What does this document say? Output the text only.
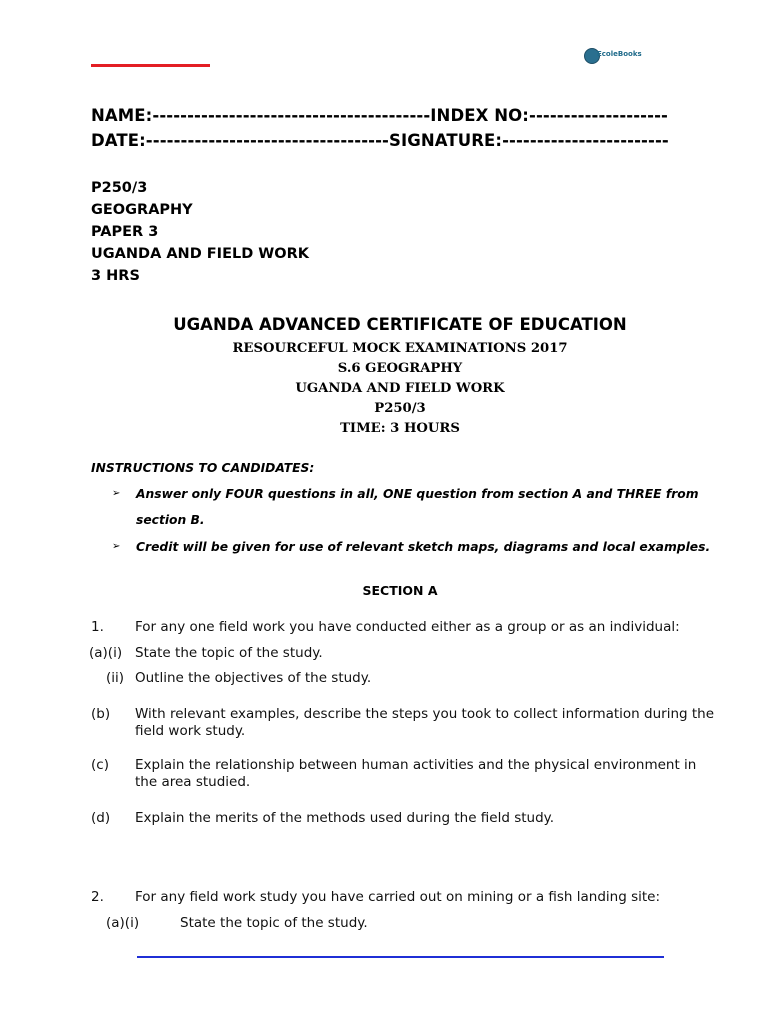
EcoleBooks
NAME:----------------------------------------INDEX NO:--------------------
DATE:-----------------------------------SIGNATURE:------------------------
P250/3
GEOGRAPHY
PAPER 3
UGANDA AND FIELD WORK
3 HRS
UGANDA ADVANCED CERTIFICATE OF EDUCATION
RESOURCEFUL MOCK EXAMINATIONS 2017
S.6 GEOGRAPHY
UGANDA AND FIELD WORK
P250/3
TIME: 3 HOURS
INSTRUCTIONS TO CANDIDATES:
➢ Answer only FOUR questions in all, ONE question from section A and THREE from
section B.
➢ Credit will be given for use of relevant sketch maps, diagrams and local examples.
SECTION A
1. For any one field work you have conducted either as a group or as an individual:
(a)(i) State the topic of the study.
(ii) Outline the objectives of the study.
(b) With relevant examples, describe the steps you took to collect information during the field work study.
(c) Explain the relationship between human activities and the physical environment in the area studied.
(d) Explain the merits of the methods used during the field study.
2. For any field work study you have carried out on mining or a fish landing site:
(a)(i)	State the topic of the study.
